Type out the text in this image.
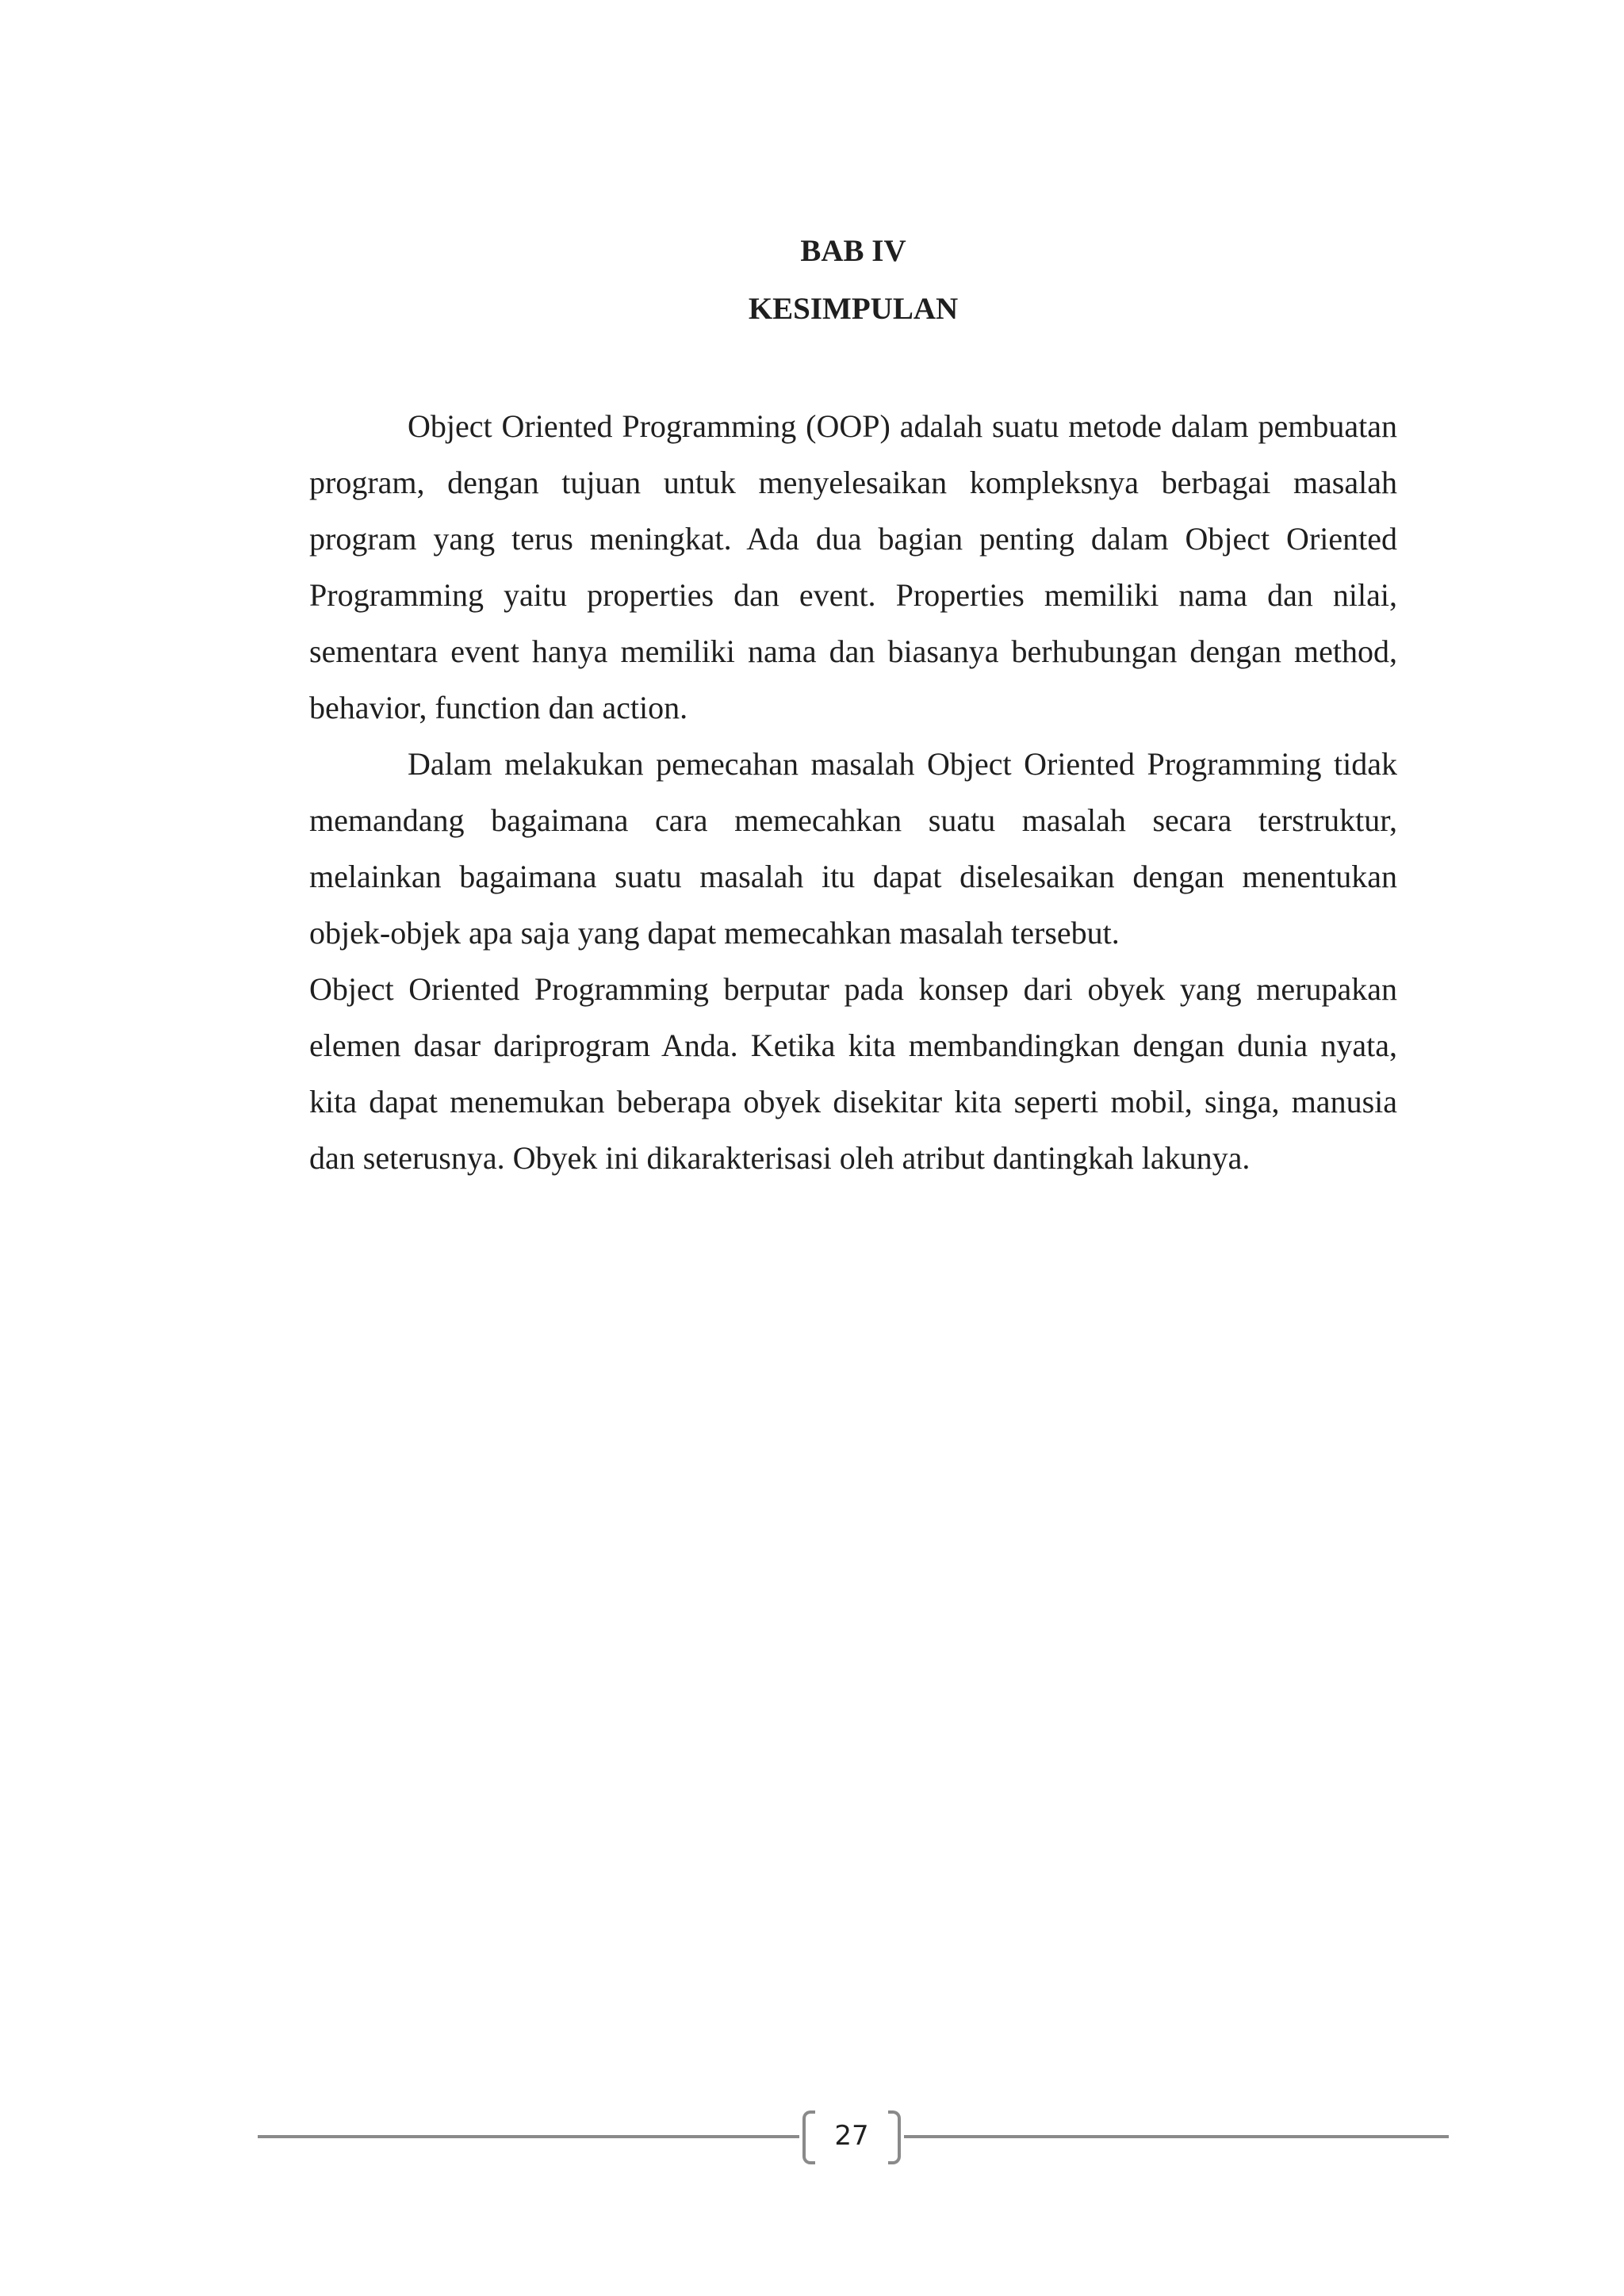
BAB IV
KESIMPULAN

Object Oriented Programming (OOP) adalah suatu metode dalam pembuatan program, dengan tujuan untuk menyelesaikan kompleksnya berbagai masalah program yang terus meningkat. Ada dua bagian penting dalam Object Oriented Programming yaitu properties dan event. Properties memiliki nama dan nilai, sementara event hanya memiliki nama dan biasanya berhubungan dengan method, behavior, function dan action.

Dalam melakukan pemecahan masalah Object Oriented Programming tidak memandang bagaimana cara memecahkan suatu masalah secara terstruktur, melainkan bagaimana suatu masalah itu dapat diselesaikan dengan menentukan objek-objek apa saja yang dapat memecahkan masalah tersebut.

Object Oriented Programming berputar pada konsep dari obyek yang merupakan elemen dasar dariprogram Anda. Ketika kita membandingkan dengan dunia nyata, kita dapat menemukan beberapa obyek disekitar kita seperti mobil, singa, manusia dan seterusnya. Obyek ini dikarakterisasi oleh atribut dantingkah lakunya.

27
